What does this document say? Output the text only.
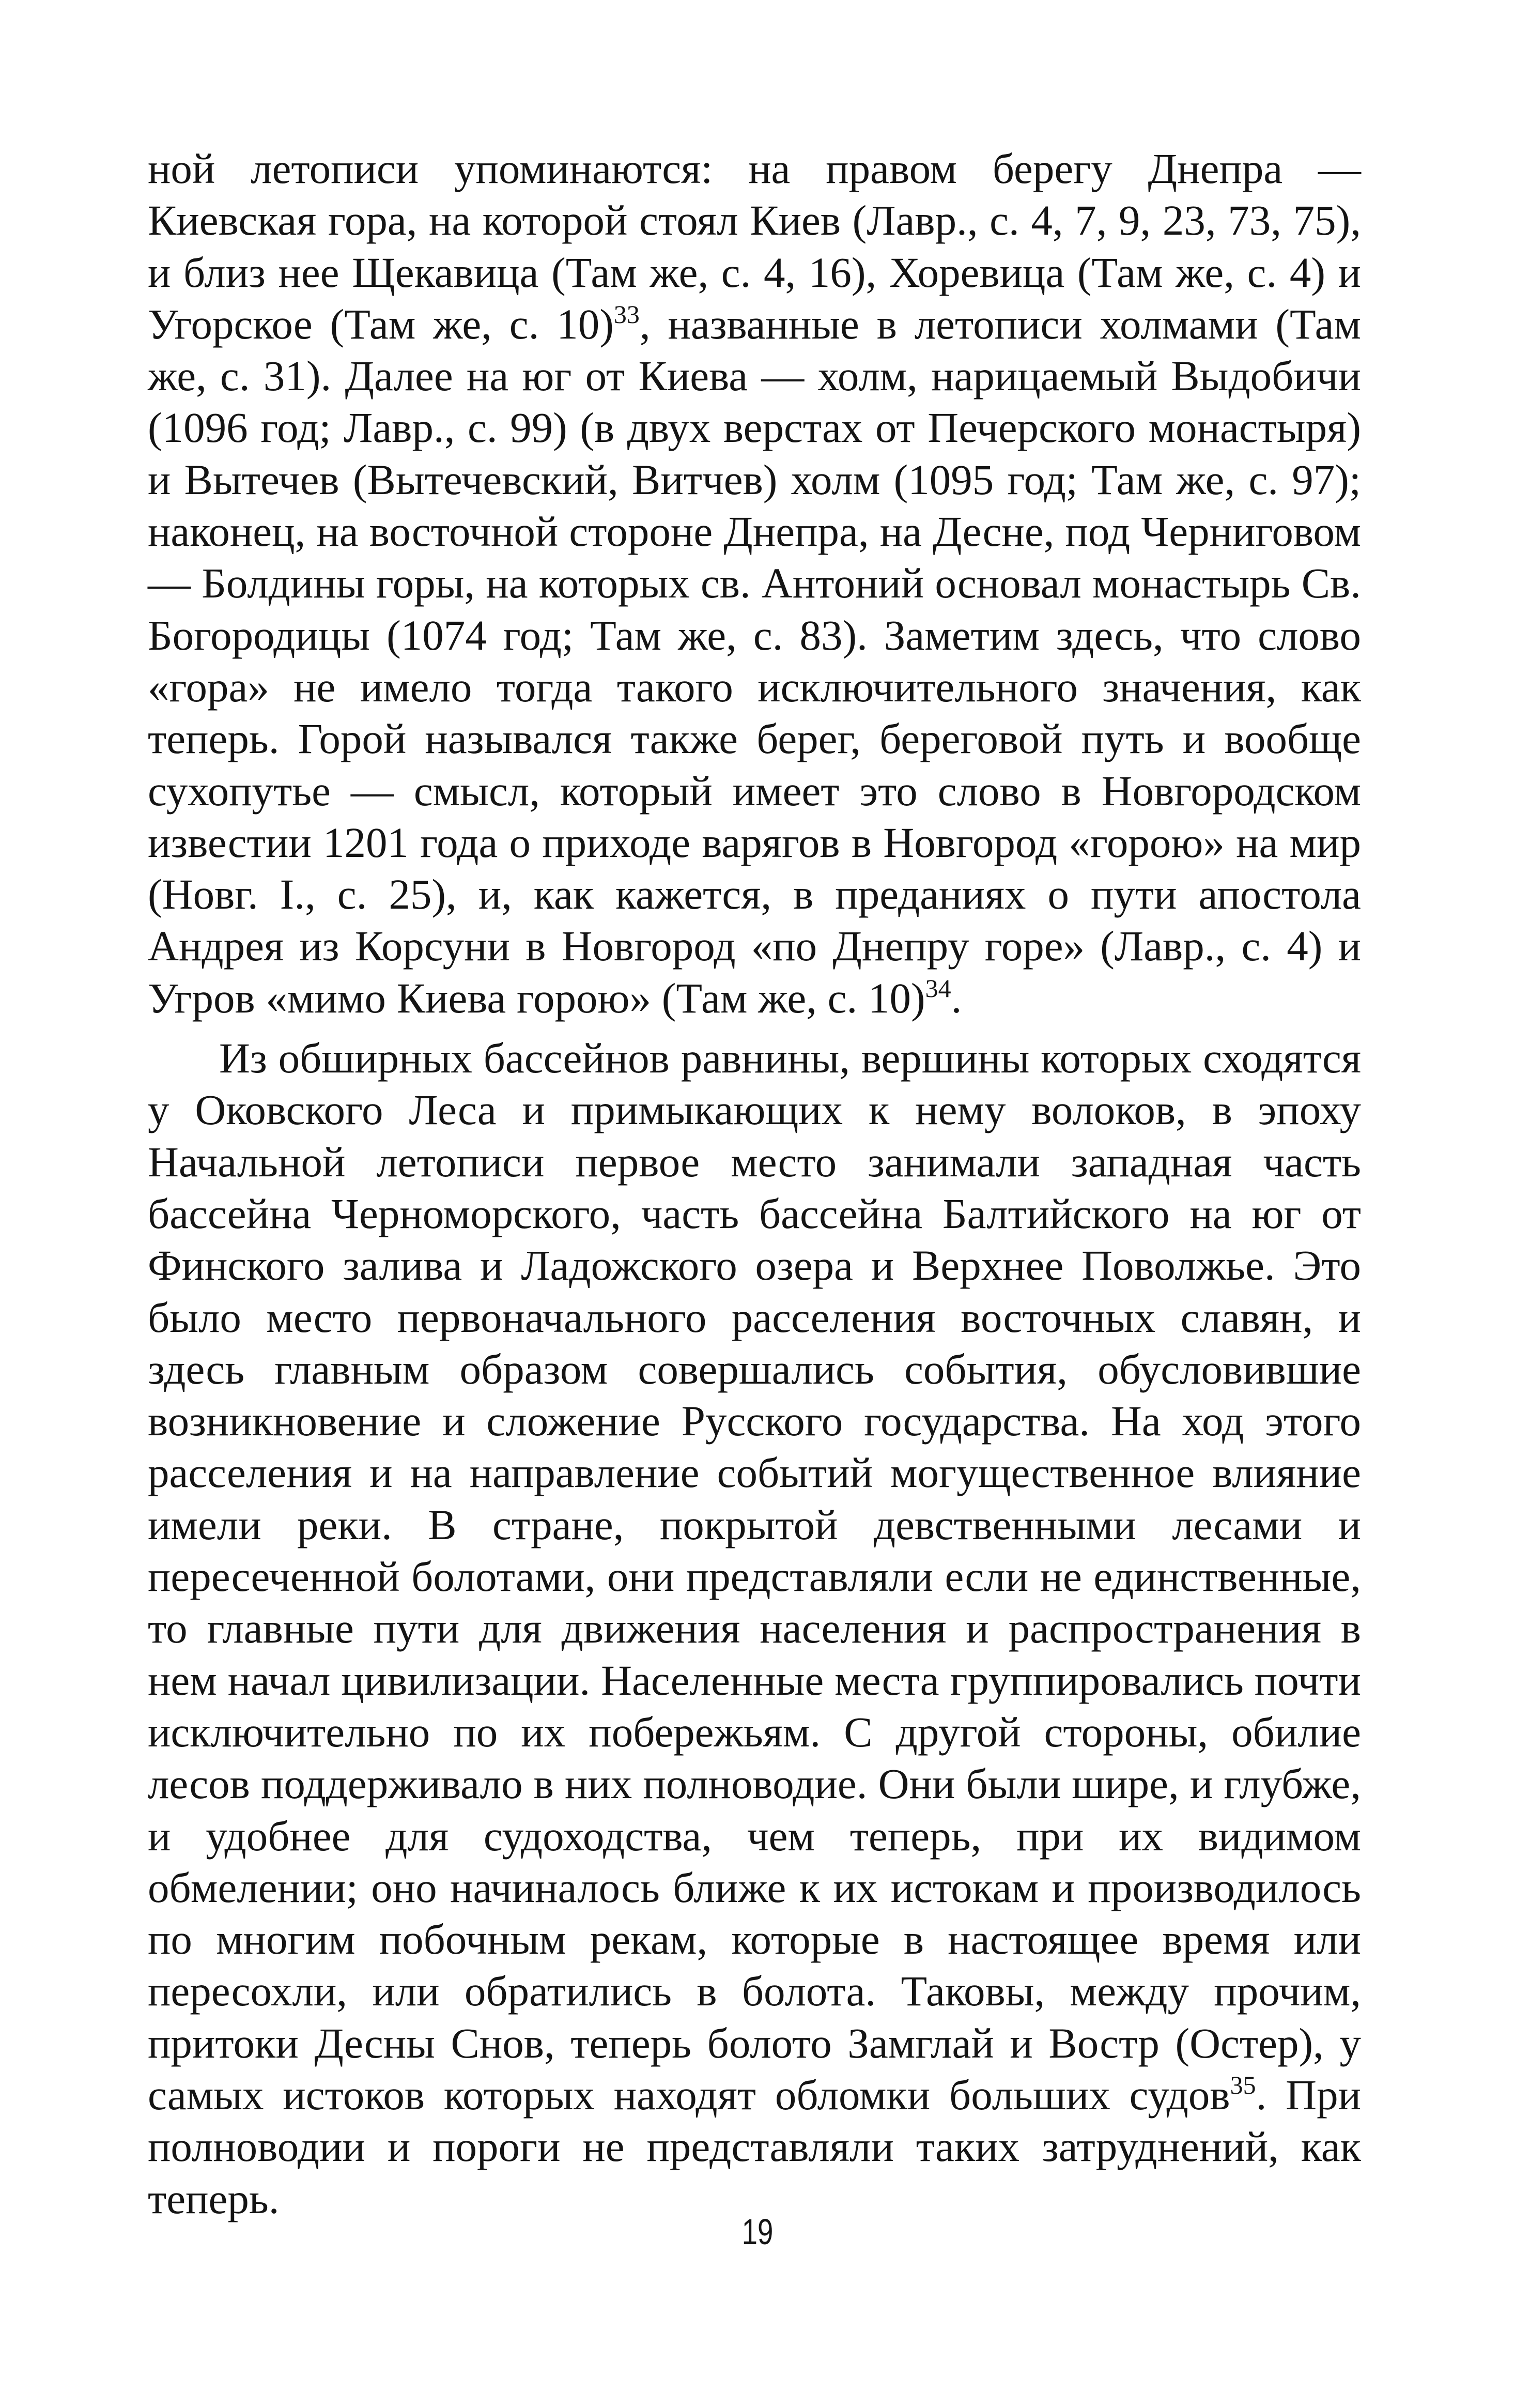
ной летописи упоминаются: на правом берегу Днепра — Киевская гора, на которой стоял Киев (Лавр., с. 4, 7, 9, 23, 73, 75), и близ нее Щекавица (Там же, с. 4, 16), Хоревица (Там же, с. 4) и Угорское (Там же, с. 10)$^{33}$, названные в летописи холмами (Там же, с. 31). Далее на юг от Киева — холм, нарицаемый Выдобичи (1096 год; Лавр., с. 99) (в двух верстах от Печерского монастыря) и Вытечев (Вытечевский, Витчев) холм (1095 год; Там же, с. 97); наконец, на восточной стороне Днепра, на Десне, под Черниговом — Болдины горы, на которых св. Антоний основал монастырь Св. Богородицы (1074 год; Там же, с. 83). Заметим здесь, что слово «гора» не имело тогда такого исключительного значения, как теперь. Горой назывался также берег, береговой путь и вообще сухопутье — смысл, который имеет это слово в Новгородском известии 1201 года о приходе варягов в Новгород «горою» на мир (Новг. I., с. 25), и, как кажется, в преданиях о пути апостола Андрея из Корсуни в Новгород «по Днепру горе» (Лавр., с. 4) и Угров «мимо Киева горою» (Там же, с. 10)$^{34}$.

Из обширных бассейнов равнины, вершины которых сходятся у Оковского Леса и примыкающих к нему волоков, в эпоху Начальной летописи первое место занимали западная часть бассейна Черноморского, часть бассейна Балтийского на юг от Финского залива и Ладожского озера и Верхнее Поволжье. Это было место первоначального расселения восточных славян, и здесь главным образом совершались события, обусловившие возникновение и сложение Русского государства. На ход этого расселения и на направление событий могущественное влияние имели реки. В стране, покрытой девственными лесами и пересеченной болотами, они представляли если не единственные, то главные пути для движения населения и распространения в нем начал цивилизации. Населенные места группировались почти исключительно по их побережьям. С другой стороны, обилие лесов поддерживало в них полноводие. Они были шире, и глубже, и удобнее для судоходства, чем теперь, при их видимом обмелении; оно начиналось ближе к их истокам и производилось по многим побочным рекам, которые в настоящее время или пересохли, или обратились в болота. Таковы, между прочим, притоки Десны Снов, теперь болото Замглай и Востр (Остер), у самых истоков которых находят обломки больших судов$^{35}$. При полноводии и пороги не представляли таких затруднений, как теперь.

19
